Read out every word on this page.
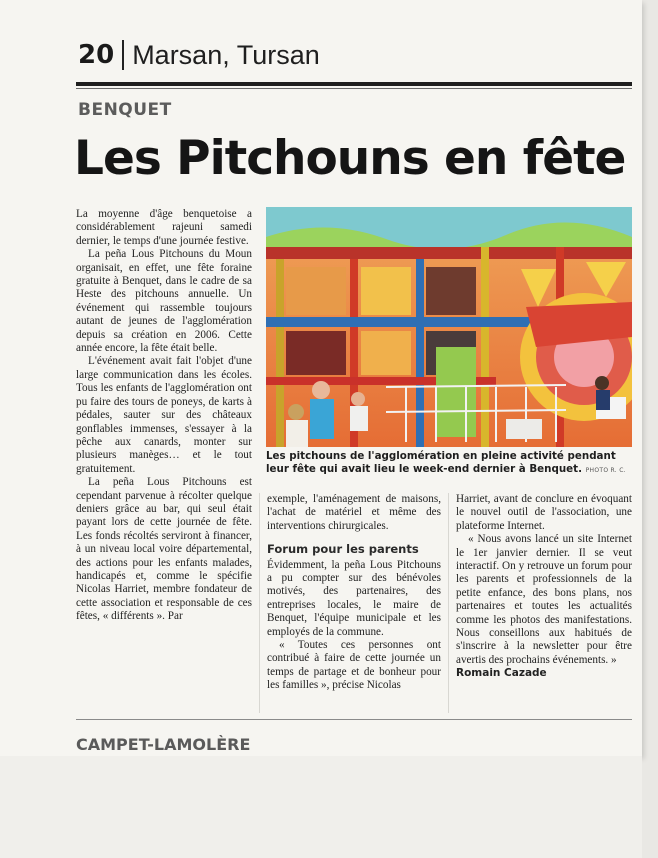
20 Marsan, Tursan
BENQUET
Les Pitchouns en fête

La moyenne d'âge benquetoise a considérablement rajeuni samedi dernier, le temps d'une journée festive.

La peña Lous Pitchouns du Moun organisait, en effet, une fête foraine gratuite à Benquet, dans le cadre de sa Heste des pitchouns annuelle. Un événement qui rassemble toujours autant de jeunes de l'agglomération depuis sa création en 2006. Cette année encore, la fête était belle.

L'événement avait fait l'objet d'une large communication dans les écoles. Tous les enfants de l'agglomération ont pu faire des tours de poneys, de karts à pédales, sauter sur des châteaux gonflables immenses, s'essayer à la pêche aux canards, monter sur plusieurs manèges… et le tout gratuitement.

La peña Lous Pitchouns est cependant parvenue à récolter quelque deniers grâce au bar, qui seul était payant lors de cette journée de fête. Les fonds récoltés serviront à financer, à un niveau local voire départemental, des actions pour les enfants malades, handicapés et, comme le spécifie Nicolas Harriet, membre fondateur de cette association et responsable de ces fêtes, « différents ». Par

Les pitchouns de l'agglomération en pleine activité pendant leur fête qui avait lieu le week-end dernier à Benquet. PHOTO R. C.

exemple, l'aménagement de maisons, l'achat de matériel et même des interventions chirurgicales.

Forum pour les parents

Évidemment, la peña Lous Pitchouns a pu compter sur des bénévoles motivés, des partenaires, des entreprises locales, le maire de Benquet, l'équipe municipale et les employés de la commune.

« Toutes ces personnes ont contribué à faire de cette journée un temps de partage et de bonheur pour les familles », précise Nicolas

Harriet, avant de conclure en évoquant le nouvel outil de l'association, une plateforme Internet.

« Nous avons lancé un site Internet le 1er janvier dernier. Il se veut interactif. On y retrouve un forum pour les parents et professionnels de la petite enfance, des bons plans, nos partenaires et toutes les actualités comme les photos des manifestations. Nous conseillons aux habitués de s'inscrire à la newsletter pour être avertis des prochains événements. »

Romain Cazade
CAMPET-LAMOLÈRE
